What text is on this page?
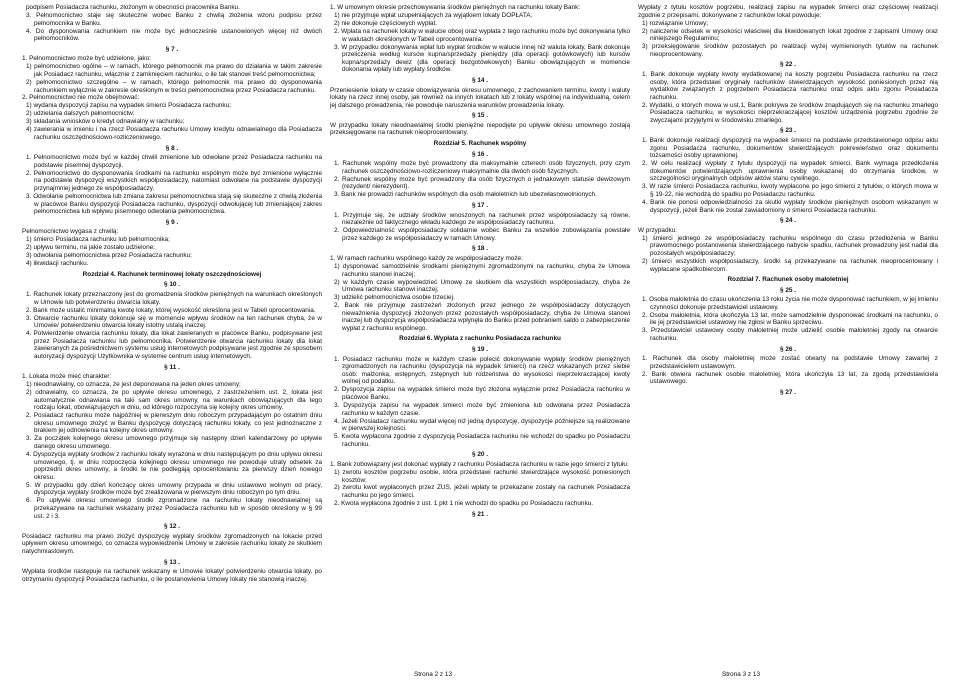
podpisem Posiadacza rachunku, złożonym w obecności pracownika Banku.

3. Pełnomocnictwo staje się skuteczne wobec Banku z chwilą złożenia wzoru podpisu przez pełnomocnika w Banku.

4. Do dysponowania rachunkiem nie może być jednocześnie ustanowionych więcej niż dwóch pełnomocników.

§ 7 .

1. Pełnomocnictwo może być udzielone, jako:

1) pełnomocnictwo ogólne – w ramach, którego pełnomocnik ma prawo do działania w takim zakresie jak Posiadacz rachunku, włącznie z zamknięciem rachunku, o ile tak stanowi treść pełnomocnictwa;

2) pełnomocnictwo szczególne – w ramach, którego pełnomocnik ma prawo do dysponowania rachunkiem wyłącznie w zakresie określonym w treści pełnomocnictwa przez Posiadacza rachunku.

2. Pełnomocnictwo nie może obejmować:

1) wydania dyspozycji zapisu na wypadek śmierci Posiadacza rachunku;

2) udzielania dalszych pełnomocnictw;

3) składania wniosków o kredyt odnawialny w rachunku;

4) zawierania w imieniu i na rzecz Posiadacza rachunku Umowy kredytu odnawialnego dla Posiadacza rachunku oszczędnościowo-rozliczeniowego.

§ 8 .

1. Pełnomocnictwo może być w każdej chwili zmienione lub odwołane przez Posiadacza rachunku na podstawie pisemnej dyspozycji.

2. Pełnomocnictwo do dysponowania środkami na rachunku wspólnym może być zmienione wyłącznie na podstawie dyspozycji wszystkich współposiadaczy, natomiast odwołane na podstawie dyspozycji przynajmniej jednego ze współposiadaczy.

3. Odwołanie pełnomocnictwa lub zmiana zakresu pełnomocnictwa stają się skuteczne z chwilą złożenia w placówce Banku dyspozycji Posiadacza rachunku, dyspozycji odwołującej lub zmieniającej zakres pełnomocnictwa lub wpływu pisemnego odwołania pełnomocnictwa.

§ 9 .

Pełnomocnictwo wygasa z chwilą:

1) śmierci Posiadacza rachunku lub pełnomocnika;

2) upływu terminu, na jakie zostało udzielone;

3) odwołania pełnomocnictwa przez Posiadacza rachunku;

4) likwidacji rachunku.

Rozdział 4. Rachunek terminowej lokaty oszczędnościowej

§ 10 .

1. Rachunek lokaty przeznaczony jest do gromadzenia środków pieniężnych na warunkach określonych w Umowie lub potwierdzeniu otwarcia lokaty.

2. Bank może ustalić minimalną kwotę lokaty, której wysokość określona jest w Tabeli oprocentowania.

3. Otwarcie rachunku lokaty dokonuje się w momencie wpływu środków na ten rachunek chyba, że w Umowie/ potwierdzeniu otwarcia lokaty istotny ustalą inaczej.

4. Potwierdzenie otwarcia rachunku lokaty, dla lokat zawieranych w placówce Banku, podpisywane jest przez Posiadacza rachunku lub pełnomocnika. Potwierdzenie otwarcia rachunku lokaty dla lokat zawieranych za pośrednictwem systemu usług internetowych podpisywane jest zgodnie ze sposobem autoryzacji dyspozycji Użytkownika w systemie centrum usług internetowych.

§ 11 .

1. Lokata może mieć charakter:

1) nieodnawialny, co oznacza, że jest deponowana na jeden okres umowny;

2) odnawialny, co oznacza, że po upływie okresu umownego, z zastrzeżeniem ust. 2, lokata jest automatycznie odnawiana na taki sam okres umowny, na warunkach obowiązujących dla tego rodzaju lokat, obowiązujących w dniu, od którego rozpoczyna się kolejny okres umowny.

2. Posiadacz rachunku może najpóźniej w pierwszym dniu roboczym przypadającym po ostatnim dniu okresu umownego złożyć w Banku dyspozycję dotyczącą rachunku lokaty, co jest jednoznaczne z brakiem jej odnowienia na kolejny okres umowny.

3. Za początek kolejnego okresu umownego przyjmuje się następny dzień kalendarzowy po upływie danego okresu umownego.

4. Dyspozycja wypłaty środków z rachunku lokaty wyrażona w dniu następującym po dniu upływu okresu umownego, tj. w dniu rozpoczęcia kolejnego okresu umownego nie powoduje utraty odsetek za poprzedni okres umowny, a środki te nie podlegają oprocentowaniu za pierwszy dzień nowego okresu.

5. W przypadku gdy dzień kończący okres umowny przypada w dniu ustawowo wolnym od pracy, dyspozycja wypłaty środków może być zrealizowana w pierwszym dniu roboczym po tym dniu.

6. Po upływie okresu umownego środki zgromadzone na rachunku lokaty nieodnawialnej są przekazywane na rachunek wskazany przez Posiadacza rachunku lub w sposób określony w § 99 ust. 2 i 3.

§ 12 .

Posiadacz rachunku ma prawo złożyć dyspozycję wypłaty środków zgromadzonych na lokacie przed upływem okresu umownego, co oznacza wypowiedzenie Umowy w zakresie rachunku lokaty ze skutkiem natychmiastowym.

§ 13 .

Wypłata środków następuje na rachunek wskazany w Umowie lokaty/ potwierdzeniu otwarcia lokaty, po otrzymaniu dyspozycji Posiadacza rachunku, o ile postanowienia Umowy lokaty nie stanowią inaczej.

1. W umownym okresie przechowywania środków pieniężnych na rachunku lokaty Bank:

1) nie przyjmuje wpłat uzupełniających za wyjątkiem lokaty DOPŁATA;

2) nie dokonuje częściowych wypłat.

2. Wpłata na rachunek lokaty w walucie obcej oraz wypłata z tego rachunku może być dokonywana tylko w walutach określonych w Tabeli oprocentowania.

3. W przypadku dokonywania wpłat lub wypłat środków w walucie innej niż waluta lokaty, Bank dokonuje przeliczenia według kursów kupna/sprzedaży pieniędzy (dla operacji gotówkowych) lub kursów kupna/sprzedaży dewiz (dla operacji bezgotówkowych) Banku obowiązujących w momencie dokonania wpłaty lub wypłaty środków.

§ 14 .

Przeniesienie lokaty w czasie obowiązywania okresu umownego, z zachowaniem terminu, kwoty i waluty lokaty na rzecz innej osoby, jak również na innych lokatach lub z lokaty wspólnej na indywidualną, celem jej dalszego prowadzenia, nie powoduje naruszenia warunków prowadzenia lokaty.

§ 15 .

W przypadku lokaty nieodnawialnej środki pieniężne niepodjęte po upływie okresu umownego zostają przeksięgowane na rachunek nieoprocentowany.

Rozdział 5. Rachunek wspólny

§ 16 .

1. Rachunek wspólny może być prowadzony dla maksymalnie czterech osób fizycznych, przy czym rachunek oszczędnościowo-rozliczeniowy maksymalnie dla dwóch osób fizycznych.

2. Rachunek wspólny może być prowadzony dla osób fizycznych o jednakowym statusie dewizowym (rezydent/ nierezydent).

3. Bank nie prowadzi rachunków wspólnych dla osób małoletnich lub ubezwłasnowolnionych.

§ 17 .

1. Przyjmuje się, że udziały środków wnoszonych na rachunek przez współposiadaczy są równe, niezależnie od faktycznego wkładu każdego ze współposiadaczy rachunku.

2. Odpowiedzialność współposiadaczy solidarnie wobec Banku za wszelkie zobowiązania powstałe przez każdego ze współposiadaczy w ramach Umowy.

§ 18 .

1. W ramach rachunku wspólnego każdy ze współposiadaczy może:

1) dysponować samodzielnie środkami pieniężnymi zgromadzonymi na rachunku, chyba że Umowa rachunku stanowi inaczej;

2) w każdym czasie wypowiedzieć Umowę ze skutkiem dla wszystkich współposiadaczy, chyba że Umowa rachunku stanowi inaczej;

3) udzielić pełnomocnictwa osobie trzeciej.

2. Bank nie przyjmuje zastrzeżeń złożonych przez jednego ze współposiadaczy dotyczących nieważnienia dyspozycji złożonych przez pozostałych współposiadaczy, chyba że Umowa stanowi inaczej lub dyspozycja współposiadacza wpłynęła do Banku przed pobraniem saldo o zabezpieczenie wypłat z rachunku wspólnego.

Rozdział 6. Wypłata z rachunku Posiadacza rachunku

§ 19 .

1. Posiadacz rachunku może w każdym czasie polecić dokonywanie wypłaty środków pieniężnych zgromadzonych na rachunku (dyspozycja na wypadek śmierci) na rzecz wskazanych przez siebie osób: małżonka, wstępnych, zstępnych lub rodzeństwa do wysokości nieprzekraczającej kwoty wolnej od podatku.

2. Dyspozycja zapisu na wypadek śmierci może być złożona wyłącznie przez Posiadacza rachunku w placówce Banku.

3. Dyspozycja zapisu na wypadek śmierci może być zmieniona lub odwołana przez Posiadacza rachunku w każdym czasie.

4. Jeżeli Posiadacz rachunku wydał więcej niż jedną dyspozycję, dyspozycje późniejsze są realizowane w pierwszej kolejności.

5. Kwota wypłacona zgodnie z dyspozycją Posiadacza rachunku nie wchodzi do spadku po Posiadaczu rachunku.

§ 20 .

1. Bank zobowiązany jest dokonać wypłaty z rachunku Posiadacza rachunku w razie jego śmierci z tytułu:

1) zwrotu kosztów pogrzebu osobie, która przedstawi rachunki stwierdzające wysokość poniesionych kosztów;

2) zwrotu kwot wypłaconych przez ZUS, jeżeli wpłaty te przekazane zostały na rachunek Posiadacza rachunku po jego śmierci.

2. Kwota wypłacona zgodnie z ust. 1 pkt 1 nie wchodzi do spadku po Posiadaczu rachunku.

§ 21 .

Wypłaty z tytułu kosztów pogrzebu, realizacji zapisu na wypadek śmierci oraz częściowej realizacji zgodnie z przepisami, dokonywane z rachunków lokat powoduje:

1) rozwiązanie Umowy;

2) naliczenie odsetek w wysokości właściwej dla likwidowanych lokat zgodnie z zapisami Umowy oraz niniejszego Regulaminu;

3) przeksięgowanie środków pozostałych po realizacji wyżej wymienionych tytułów na rachunek nieoprocentowany.

§ 22 .

1. Bank dokonuje wypłaty kwoty wydatkowanej na koszty pogrzebu Posiadacza rachunku na rzecz osoby, która przedstawi oryginały rachunków stwierdzających wysokość poniesionych przez nią wydatków związanych z pogrzebem Posiadacza rachunku oraz odpis aktu zgonu Posiadacza rachunku.

2. Wydatki, o których mowa w ust.1, Bank pokrywa ze środków znajdujących się na rachunku zmarłego Posiadacza rachunku, w wysokości nieprzekraczającej kosztów urządzenia pogrzebu zgodnie ze zwyczajami przyjętymi w środowisku zmarłego.

§ 23 .

1. Bank dokonuje realizacji dyspozycji na wypadek śmierci na podstawie przedstawionego odpisu aktu zgonu Posiadacza rachunku, dokumentów stwierdzających pokrewieństwo oraz dokumentu tożsamości osoby uprawnionej.

2. W celu realizacji wypłaty z tytułu dyspozycji na wypadek śmierci, Bank wymaga przedłożenia dokumentów potwierdzających uprawnienia osoby wskazanej do otrzymania środków, w szczególności oryginalnych odpisów aktów stanu cywilnego.

3. W razie śmierci Posiadacza rachunku, kwoty wypłacone po jego śmierci z tytułów, o których mowa w § 19-22, nie wchodzą do spadku po Posiadaczu rachunku.

4. Bank nie ponosi odpowiedzialności za skutki wypłaty środków pieniężnych osobom wskazanym w dyspozycji, jeżeli Bank nie został zawiadomiony o śmierci Posiadacza rachunku.

§ 24 .

W przypadku:

1) śmierci jednego ze współposiadaczy rachunku wspólnego do czasu przedłożenia w Banku prawomocnego postanowienia stwierdzającego nabycie spadku, rachunek prowadzony jest nadal dla pozostałych współposiadaczy;

2) śmierci wszystkich współposiadaczy, środki są przekazywane na rachunek nieoprocentowany i wypłacane spadkobiercom.

Rozdział 7. Rachunek osoby małoletniej

§ 25 .

1. Osoba małoletnia do czasu ukończenia 13 roku życia nie może dysponować rachunkiem, w jej imieniu czynności dokonuje przedstawiciel ustawowy.

2. Osoba małoletnia, która ukończyła 13 lat, może samodzielnie dysponować środkami na rachunku, o ile jej przedstawiciel ustawowy nie zgłosi w Banku sprzeciwu.

3. Przedstawiciel ustawowy osoby małoletniej może udzielić osobie małoletniej zgody na otwarcie rachunku.

§ 26 .

1. Rachunek dla osoby małoletniej może zostać otwarty na podstawie Umowy zawartej z przedstawicielem ustawowym.

2. Bank otwiera rachunek osobie małoletniej, która ukończyła 13 lat, za zgodą przedstawiciela ustawowego.

§ 27 .

Strona 2 z 13	Strona 3 z 13
